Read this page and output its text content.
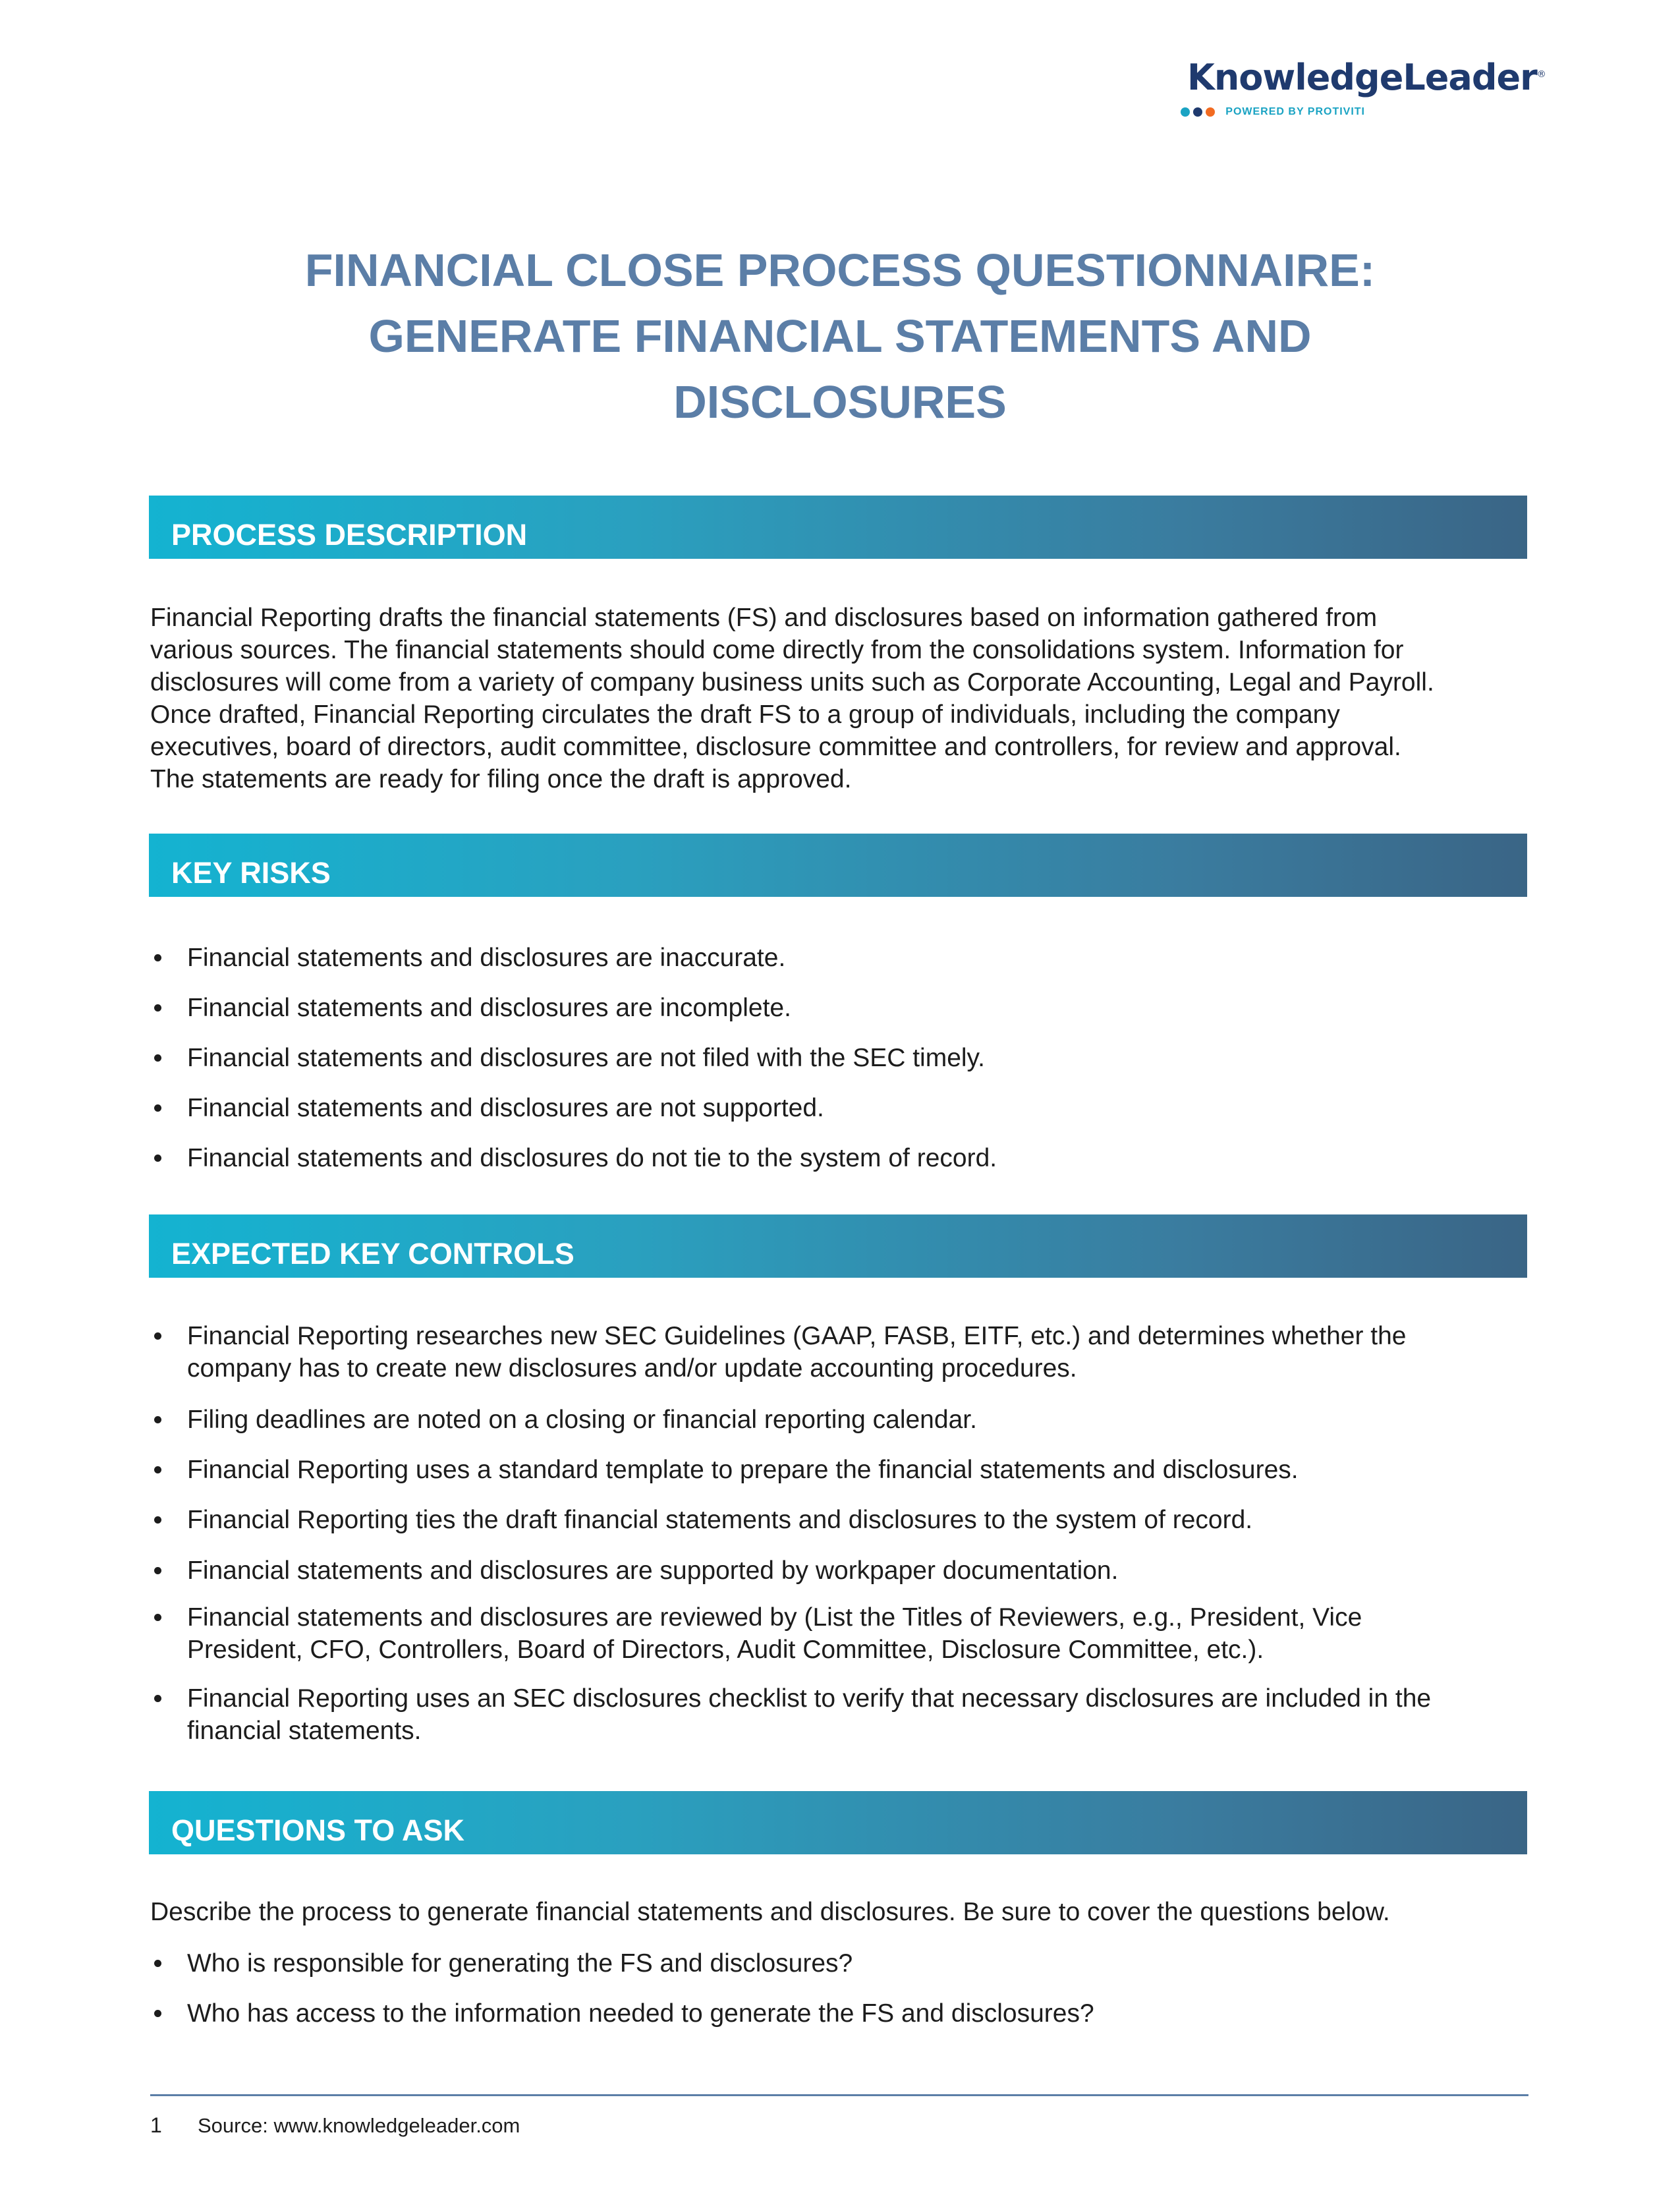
KnowledgeLeader®
POWERED BY PROTIVITI
FINANCIAL CLOSE PROCESS QUESTIONNAIRE:
GENERATE FINANCIAL STATEMENTS AND
DISCLOSURES
PROCESS DESCRIPTION
Financial Reporting drafts the financial statements (FS) and disclosures based on information gathered from
various sources. The financial statements should come directly from the consolidations system. Information for
disclosures will come from a variety of company business units such as Corporate Accounting, Legal and Payroll.
Once drafted, Financial Reporting circulates the draft FS to a group of individuals, including the company
executives, board of directors, audit committee, disclosure committee and controllers, for review and approval.
The statements are ready for filing once the draft is approved.
KEY RISKS
Financial statements and disclosures are inaccurate.
Financial statements and disclosures are incomplete.
Financial statements and disclosures are not filed with the SEC timely.
Financial statements and disclosures are not supported.
Financial statements and disclosures do not tie to the system of record.
EXPECTED KEY CONTROLS
Financial Reporting researches new SEC Guidelines (GAAP, FASB, EITF, etc.) and determines whether the
company has to create new disclosures and/or update accounting procedures.
Filing deadlines are noted on a closing or financial reporting calendar.
Financial Reporting uses a standard template to prepare the financial statements and disclosures.
Financial Reporting ties the draft financial statements and disclosures to the system of record.
Financial statements and disclosures are supported by workpaper documentation.
Financial statements and disclosures are reviewed by (List the Titles of Reviewers, e.g., President, Vice
President, CFO, Controllers, Board of Directors, Audit Committee, Disclosure Committee, etc.).
Financial Reporting uses an SEC disclosures checklist to verify that necessary disclosures are included in the
financial statements.
QUESTIONS TO ASK
Describe the process to generate financial statements and disclosures. Be sure to cover the questions below.
Who is responsible for generating the FS and disclosures?
Who has access to the information needed to generate the FS and disclosures?
1 Source: www.knowledgeleader.com
